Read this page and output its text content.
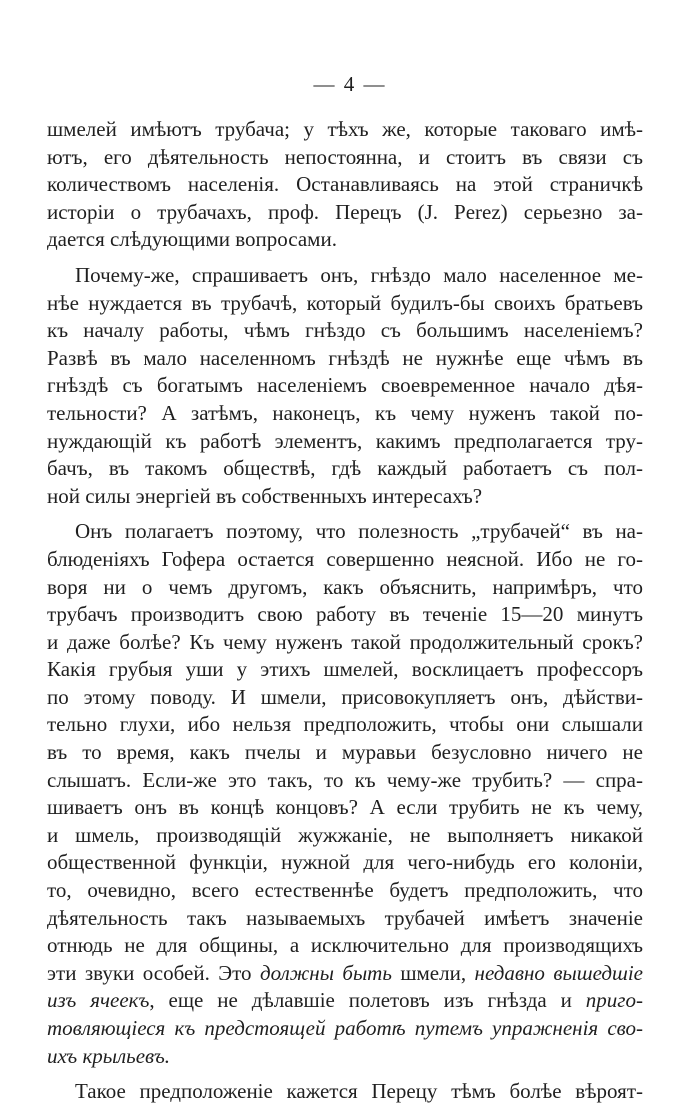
— 4 —
шмелей имѣютъ трубача; у тѣхъ же, которые таковаго имѣ-
ютъ, его дѣятельность непостоянна, и стоитъ въ связи съ
количествомъ населенія. Останавливаясь на этой страничкѣ
исторіи о трубачахъ, проф. Перецъ (J. Perez) серьезно за-
дается слѣдующими вопросами.
Почему-же, спрашиваетъ онъ, гнѣздо мало населенное ме-
нѣе нуждается въ трубачѣ, который будилъ-бы своихъ братьевъ
къ началу работы, чѣмъ гнѣздо съ большимъ населеніемъ?
Развѣ въ мало населенномъ гнѣздѣ не нужнѣе еще чѣмъ въ
гнѣздѣ съ богатымъ населеніемъ своевременное начало дѣя-
тельности? А затѣмъ, наконецъ, къ чему нуженъ такой по-
нуждающій къ работѣ элементъ, какимъ предполагается тру-
бачъ, въ такомъ обществѣ, гдѣ каждый работаетъ съ пол-
ной силы энергіей въ собственныхъ интересахъ?
Онъ полагаетъ поэтому, что полезность „трубачей“ въ на-
блюденіяхъ Гофера остается совершенно неясной. Ибо не го-
воря ни о чемъ другомъ, какъ объяснить, напримѣръ, что
трубачъ производитъ свою работу въ теченіе 15—20 минутъ
и даже болѣе? Къ чему нуженъ такой продолжительный срокъ?
Какія грубыя уши у этихъ шмелей, восклицаетъ профессоръ
по этому поводу. И шмели, присовокупляетъ онъ, дѣйстви-
тельно глухи, ибо нельзя предположить, чтобы они слышали
въ то время, какъ пчелы и муравьи безусловно ничего не
слышатъ. Если-же это такъ, то къ чему-же трубить? — спра-
шиваетъ онъ въ концѣ концовъ? А если трубить не къ чему,
и шмель, производящій жужжаніе, не выполняетъ никакой
общественной функціи, нужной для чего-нибудь его колоніи,
то, очевидно, всего естественнѣе будетъ предположить, что
дѣятельность такъ называемыхъ трубачей имѣетъ значеніе
отнюдь не для общины, а исключительно для производящихъ
эти звуки особей. Это должны быть шмели, недавно вышедшіе
изъ ячеекъ, еще не дѣлавшіе полетовъ изъ гнѣзда и приго-
товляющіеся къ предстоящей работѣ путемъ упражненія сво-
ихъ крыльевъ.
Такое предположеніе кажется Перецу тѣмъ болѣе вѣроят-
